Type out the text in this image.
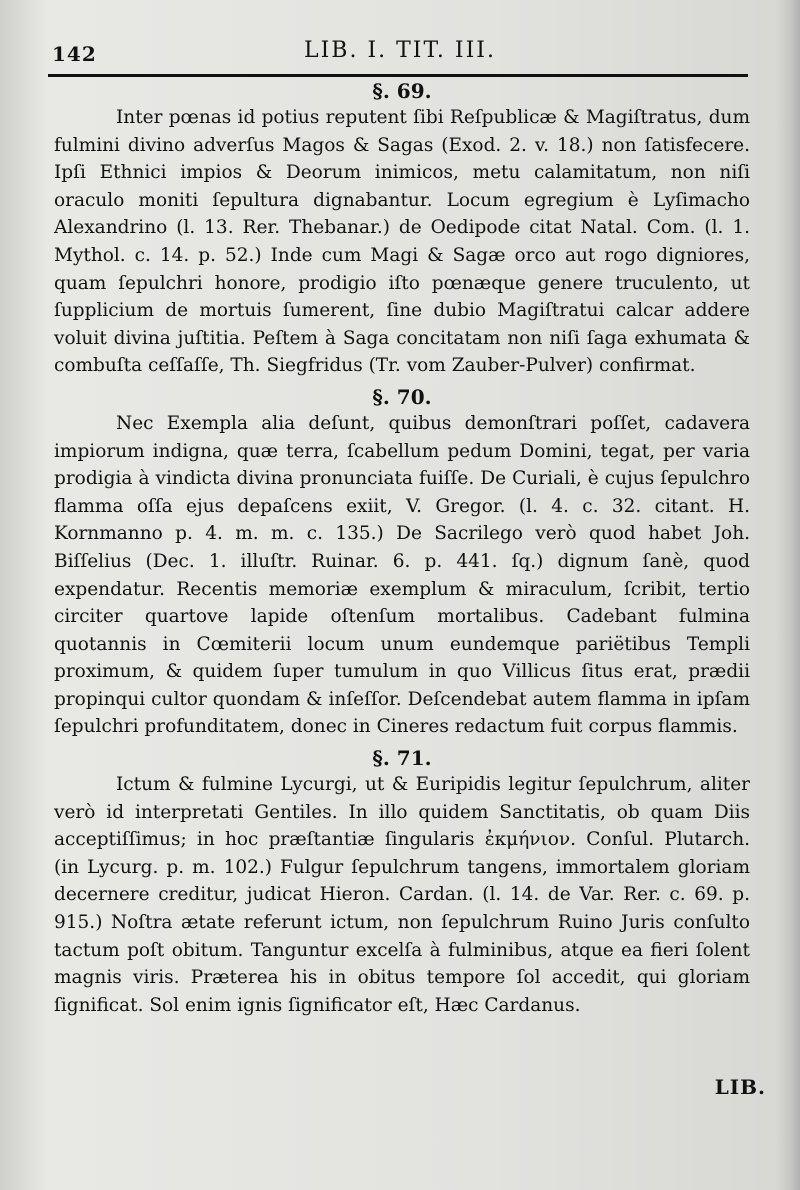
142	LIB. I. TIT. III.

§. 69.

Inter pœnas id potius reputent ſibi Reſpublicæ & Magiſtratus, dum fulmini divino adverſus Magos & Sagas (Exod. 2. v. 18.) non ſatisfecere. Ipſi Ethnici impios & Deorum inimicos, metu calamitatum, non niſi oraculo moniti ſepultura dignabantur. Locum egregium è Lyſimacho Alexandrino (l. 13. Rer. Thebanar.) de Oedipode citat Natal. Com. (l. 1. Mythol. c. 14. p. 52.) Inde cum Magi & Sagæ orco aut rogo digniores, quam ſepulchri honore, prodigio iſto pœnæque genere truculento, ut ſupplicium de mortuis ſumerent, ſine dubio Magiſtratui calcar addere voluit divina juſtitia. Peſtem à Saga concitatam non niſi ſaga exhumata & combuſta ceſſaſſe, Th. Siegfridus (Tr. vom Zauber-Pulver) confirmat.

§. 70.

Nec Exempla alia deſunt, quibus demonſtrari poſſet, cadavera impiorum indigna, quæ terra, ſcabellum pedum Domini, tegat, per varia prodigia à vindicta divina pronunciata fuiſſe. De Curiali, è cujus ſepulchro flamma oſſa ejus depaſcens exiit, V. Gregor. (l. 4. c. 32. citant. H. Kornmanno p. 4. m. m. c. 135.) De Sacrilego verò quod habet Joh. Biſſelius (Dec. 1. illuſtr. Ruinar. 6. p. 441. ſq.) dignum ſanè, quod expendatur. Recentis memoriæ exemplum & miraculum, ſcribit, tertio circiter quartove lapide oſtenſum mortalibus. Cadebant fulmina quotannis in Cœmiterii locum unum eundemque pariëtibus Templi proximum, & quidem ſuper tumulum in quo Villicus ſitus erat, prædii propinqui cultor quondam & inſeſſor. Deſcendebat autem flamma in ipſam ſepulchri profunditatem, donec in Cineres redactum fuit corpus flammis.

§. 71.

Ictum & fulmine Lycurgi, ut & Euripidis legitur ſepulchrum, aliter verò id interpretati Gentiles. In illo quidem Sanctitatis, ob quam Diis acceptiſſimus; in hoc præſtantiæ ſingularis ἐκμήνιον. Conſul. Plutarch. (in Lycurg. p. m. 102.) Fulgur ſepulchrum tangens, immortalem gloriam decernere creditur, judicat Hieron. Cardan. (l. 14. de Var. Rer. c. 69. p. 915.) Noſtra ætate referunt ictum, non ſepulchrum Ruino Juris conſulto tactum poſt obitum. Tanguntur excelſa à fulminibus, atque ea fieri ſolent magnis viris. Præterea his in obitus tempore ſol accedit, qui gloriam ſignificat. Sol enim ignis ſignificator eſt, Hæc Cardanus.

LIB.
